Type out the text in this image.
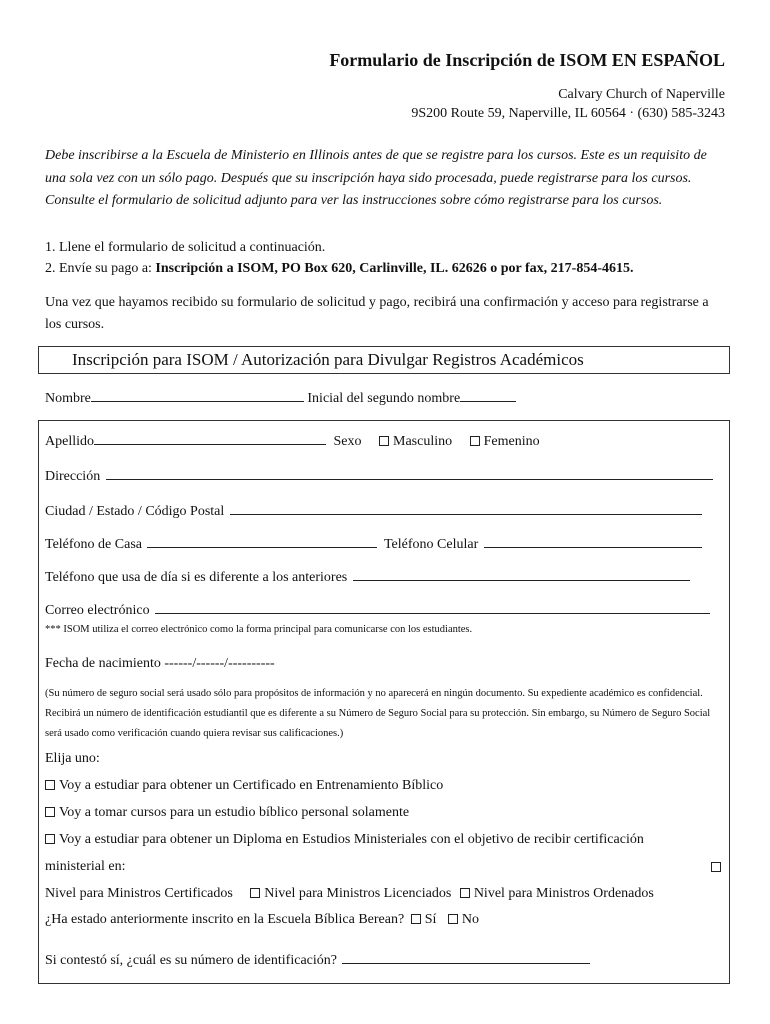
Formulario de Inscripción de ISOM EN ESPAÑOL
Calvary Church of Naperville
9S200 Route 59, Naperville, IL 60564 · (630) 585-3243
Debe inscribirse a la Escuela de Ministerio en Illinois antes de que se registre para los cursos. Este es un requisito de una sola vez con un sólo pago. Después que su inscripción haya sido procesada, puede registrarse para los cursos. Consulte el formulario de solicitud adjunto para ver las instrucciones sobre cómo registrarse para los cursos.
1. Llene el formulario de solicitud a continuación.
2. Envíe su pago a: Inscripción a ISOM, PO Box 620, Carlinville, IL. 62626 o por fax, 217-854-4615.
Una vez que hayamos recibido su formulario de solicitud y pago, recibirá una confirmación y acceso para registrarse a los cursos.
Inscripción para ISOM / Autorización para Divulgar Registros Académicos
Nombre	Inicial del segundo nombre
Apellido	Sexo Masculino Femenino
Dirección
Ciudad / Estado / Código Postal
Teléfono de Casa	Teléfono Celular
Teléfono que usa de día si es diferente a los anteriores
Correo electrónico
*** ISOM utiliza el correo electrónico como la forma principal para comunicarse con los estudiantes.
Fecha de nacimiento ------/------/----------
(Su número de seguro social será usado sólo para propósitos de información y no aparecerá en ningún documento. Su expediente académico es confidencial. Recibirá un número de identificación estudiantil que es diferente a su Número de Seguro Social para su protección. Sin embargo, su Número de Seguro Social será usado como verificación cuando quiera revisar sus calificaciones.)
Elija uno:
Voy a estudiar para obtener un Certificado en Entrenamiento Bíblico
Voy a tomar cursos para un estudio bíblico personal solamente
Voy a estudiar para obtener un Diploma en Estudios Ministeriales con el objetivo de recibir certificación
ministerial en:
Nivel para Ministros Certificados Nivel para Ministros Licenciados Nivel para Ministros Ordenados
¿Ha estado anteriormente inscrito en la Escuela Bíblica Berean? Sí No
Si contestó sí, ¿cuál es su número de identificación?
